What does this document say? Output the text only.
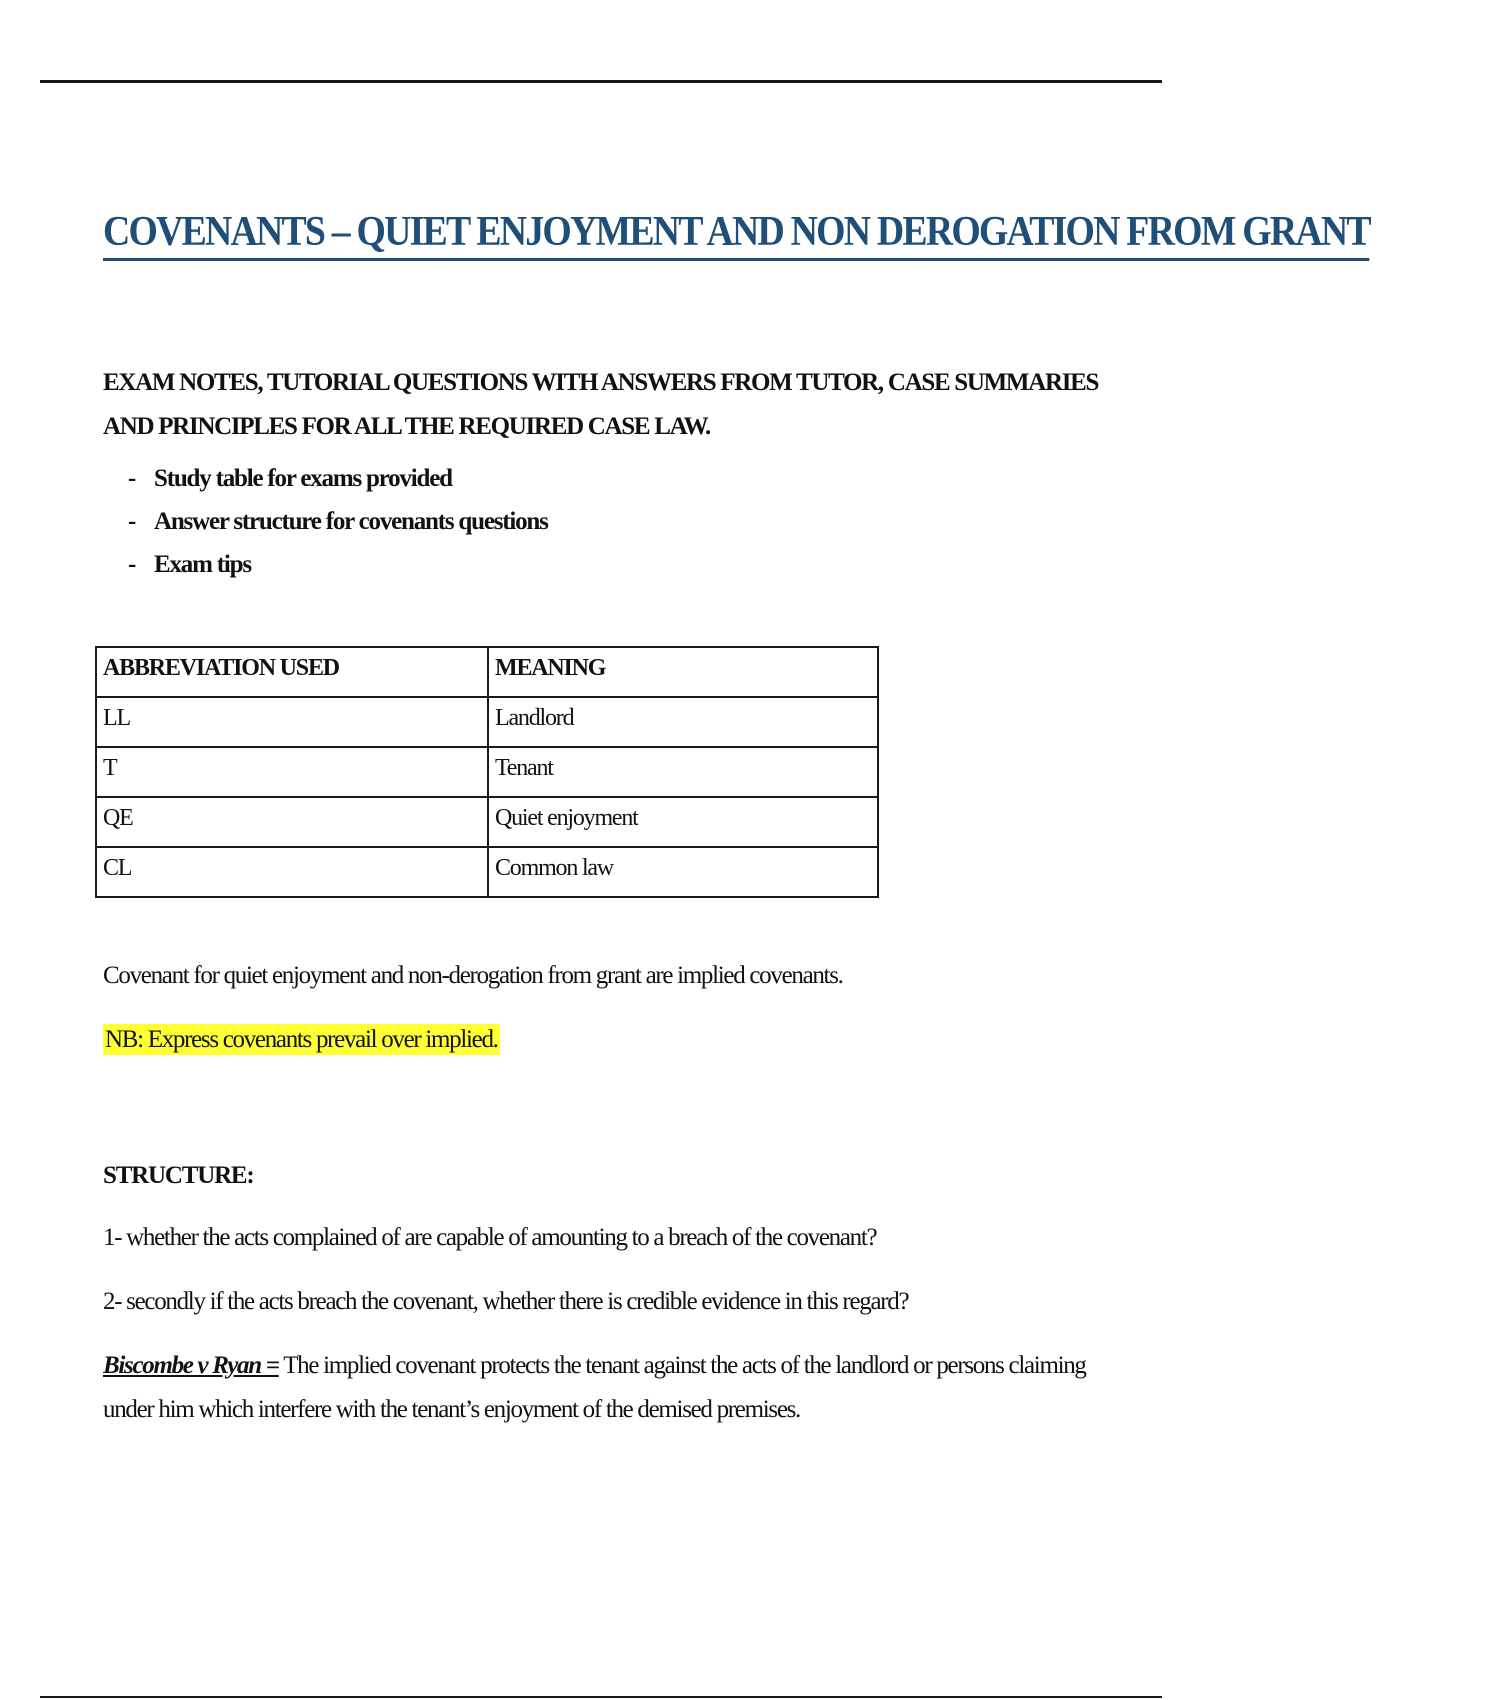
COVENANTS – QUIET ENJOYMENT AND NON DEROGATION FROM GRANT

EXAM NOTES, TUTORIAL QUESTIONS WITH ANSWERS FROM TUTOR, CASE SUMMARIES AND PRINCIPLES FOR ALL THE REQUIRED CASE LAW.

- Study table for exams provided
- Answer structure for covenants questions
- Exam tips
ABBREVIATION USED	MEANING
LL	Landlord
T	Tenant
QE	Quiet enjoyment
CL	Common law

Covenant for quiet enjoyment and non-derogation from grant are implied covenants.

NB: Express covenants prevail over implied.

STRUCTURE:

1- whether the acts complained of are capable of amounting to a breach of the covenant?

2- secondly if the acts breach the covenant, whether there is credible evidence in this regard?

Biscombe v Ryan = The implied covenant protects the tenant against the acts of the landlord or persons claiming under him which interfere with the tenant’s enjoyment of the demised premises.
